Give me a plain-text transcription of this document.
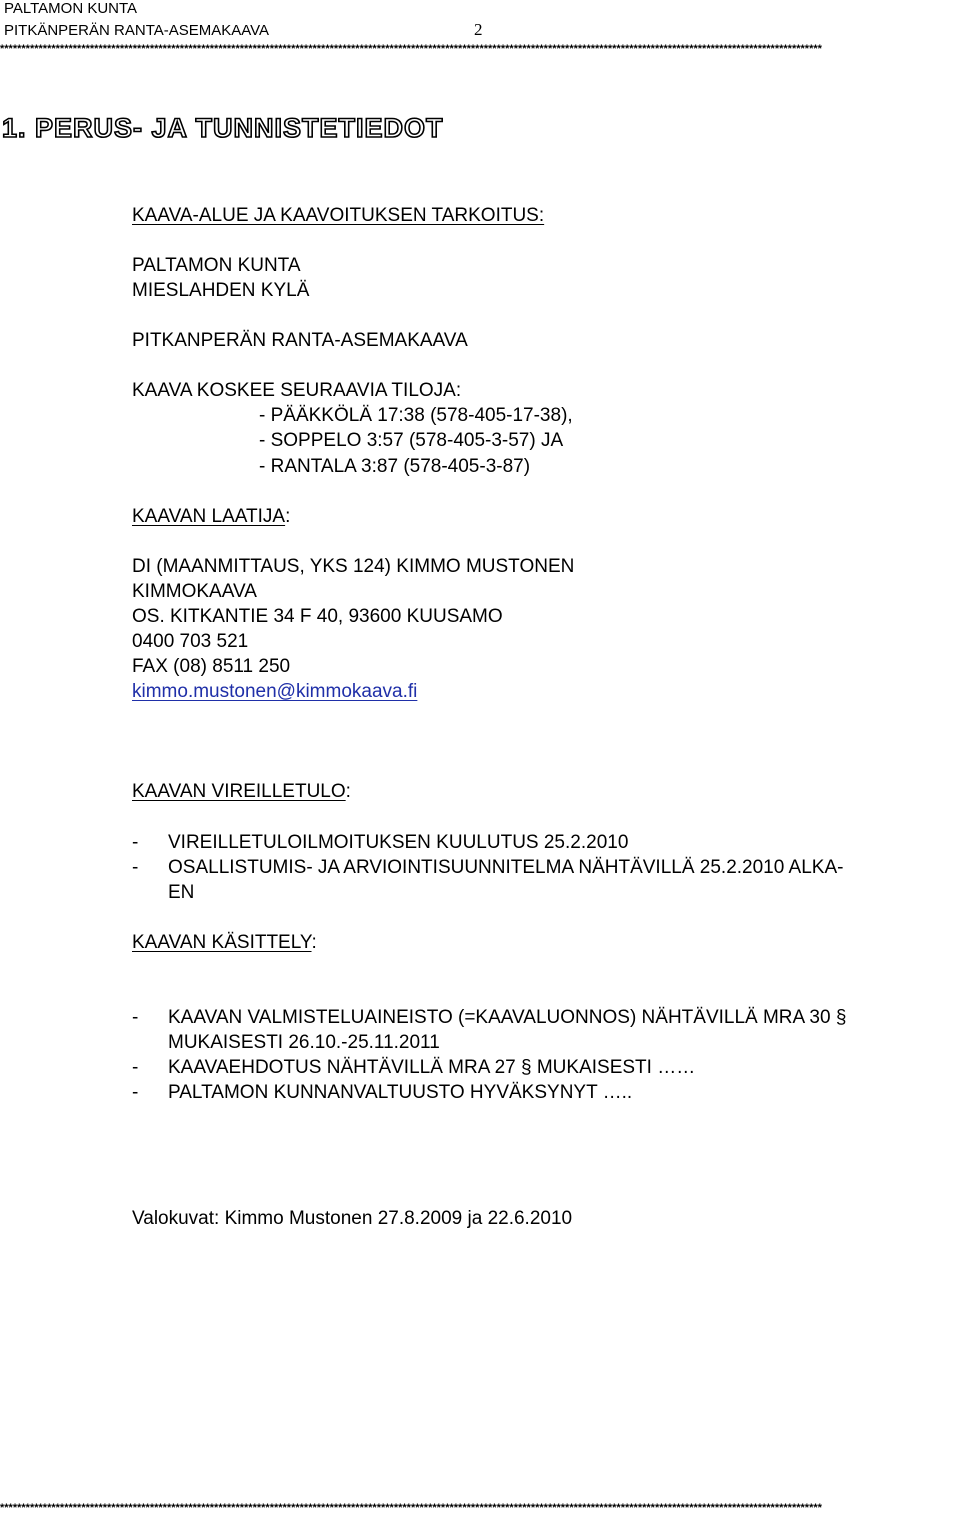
PALTAMON KUNTA
PITKÄNPERÄN RANTA-ASEMAKAAVA	2
************************************************************************************************************************************************************************************************
1. PERUS- JA TUNNISTETIEDOT
KAAVA-ALUE JA KAAVOITUKSEN TARKOITUS:
PALTAMON KUNTA
MIESLAHDEN KYLÄ
PITKANPERÄN RANTA-ASEMAKAAVA
KAAVA KOSKEE SEURAAVIA TILOJA:
- PÄÄKKÖLÄ 17:38 (578-405-17-38),
- SOPPELO 3:57 (578-405-3-57) JA
- RANTALA 3:87 (578-405-3-87)
KAAVAN LAATIJA:
DI (MAANMITTAUS, YKS 124) KIMMO MUSTONEN
KIMMOKAAVA
OS. KITKANTIE 34 F 40, 93600 KUUSAMO
0400 703 521
FAX (08) 8511 250
kimmo.mustonen@kimmokaava.fi
KAAVAN VIREILLETULO:
- VIREILLETULOILMOITUKSEN KUULUTUS 25.2.2010
- OSALLISTUMIS- JA ARVIOINTISUUNNITELMA NÄHTÄVILLÄ 25.2.2010 ALKA-
EN
KAAVAN KÄSITTELY:
- KAAVAN VALMISTELUAINEISTO (=KAAVALUONNOS) NÄHTÄVILLÄ MRA 30 §
MUKAISESTI 26.10.-25.11.2011
- KAAVAEHDOTUS NÄHTÄVILLÄ MRA 27 § MUKAISESTI ……
- PALTAMON KUNNANVALTUUSTO HYVÄKSYNYT …..
Valokuvat: Kimmo Mustonen 27.8.2009 ja 22.6.2010
************************************************************************************************************************************************************************************************
